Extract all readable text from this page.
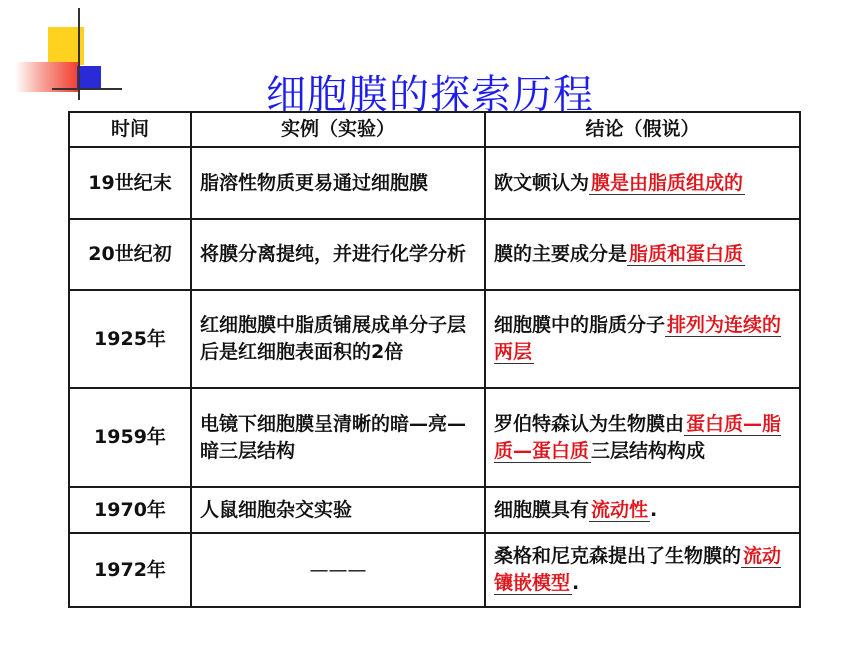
细胞膜的探索历程
时间	实例（实验）	结论（假说）
19世纪末	脂溶性物质更易通过细胞膜	欧文顿认为 膜是由脂质组成的
20世纪初	将膜分离提纯，并进行化学分析	膜的主要成分是 脂质和蛋白质
1925年	红细胞膜中脂质铺展成单分子层后是红细胞表面积的2倍	细胞膜中的脂质分子 排列为连续的两层
1959年	电镜下细胞膜呈清晰的暗—亮—暗三层结构	罗伯特森认为生物膜由 蛋白质—脂质—蛋白质 三层结构构成
1970年	人鼠细胞杂交实验	细胞膜具有 流动性 .
1972年	———	桑格和尼克森提出了生物膜的 流动镶嵌模型 .
